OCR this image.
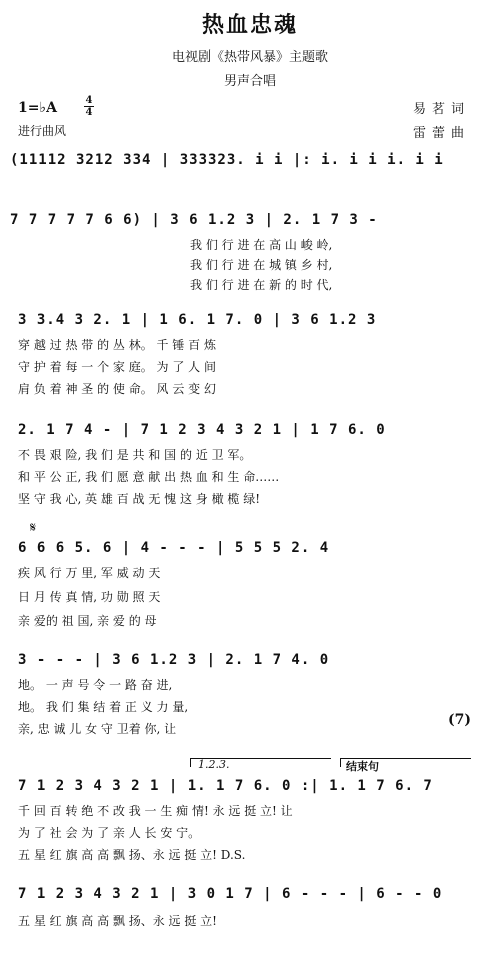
热血忠魂
电视剧《热带风暴》主题歌
男声合唱
1=♭A	4
4
进行曲风
易茗词
雷蕾曲
(11112 3212 334 | 333323. i i |: i. i i i. i i
7 7 7 7 7 6 6) | 3 6 1.2 3 | 2. 1 7 3 -
我 们 行 进 在 高 山 峻 岭,
我 们 行 进 在 城 镇 乡 村,
我 们 行 进 在 新 的 时 代,
3 3.4 3 2. 1 | 1 6. 1 7. 0 | 3 6 1.2 3
穿 越 过 热 带 的 丛 林。 千 锤 百 炼
守 护 着 每 一 个 家 庭。 为 了 人 间
肩 负 着 神 圣 的 使 命。 风 云 变 幻
2. 1 7 4 - | 7 1 2 3 4 3 2 1 | 1 7 6. 0
不 畏 艰 险, 我 们 是 共 和 国 的 近 卫 军。
和 平 公 正, 我 们 愿 意 献 出 热 血 和 生 命……
坚 守 我 心, 英 雄 百 战 无 愧 这 身 橄 榄 绿!
𝄋
6 6 6 5. 6 | 4 - - - | 5 5 5 2. 4
疾 风 行 万 里, 军 威 动 天
日 月 传 真 情, 功 勋 照 天
亲 爱的 祖 国, 亲 爱 的 母
3 - - - | 3 6 1.2 3 | 2. 1 7 4. 0
地。 一 声 号 令 一 路 奋 进,
地。 我 们 集 结 着 正 义 力 量,
亲, 忠 诚 儿 女 守 卫着 你, 让
(7)
1.2.3.	结束句
7 1 2 3 4 3 2 1 | 1. 1 7 6. 0 :| 1. 1 7 6. 7
千 回 百 转 绝 不 改 我 一 生 痴 情! 永 远 挺 立! 让
为 了 社 会 为 了 亲 人 长 安 宁。
五 星 红 旗 高 高 飘 扬、永 远 挺 立! D.S.
7 1 2 3 4 3 2 1 | 3 0 1 7 | 6 - - - | 6 - - 0
五 星 红 旗 高 高 飘 扬、永 远 挺 立!
